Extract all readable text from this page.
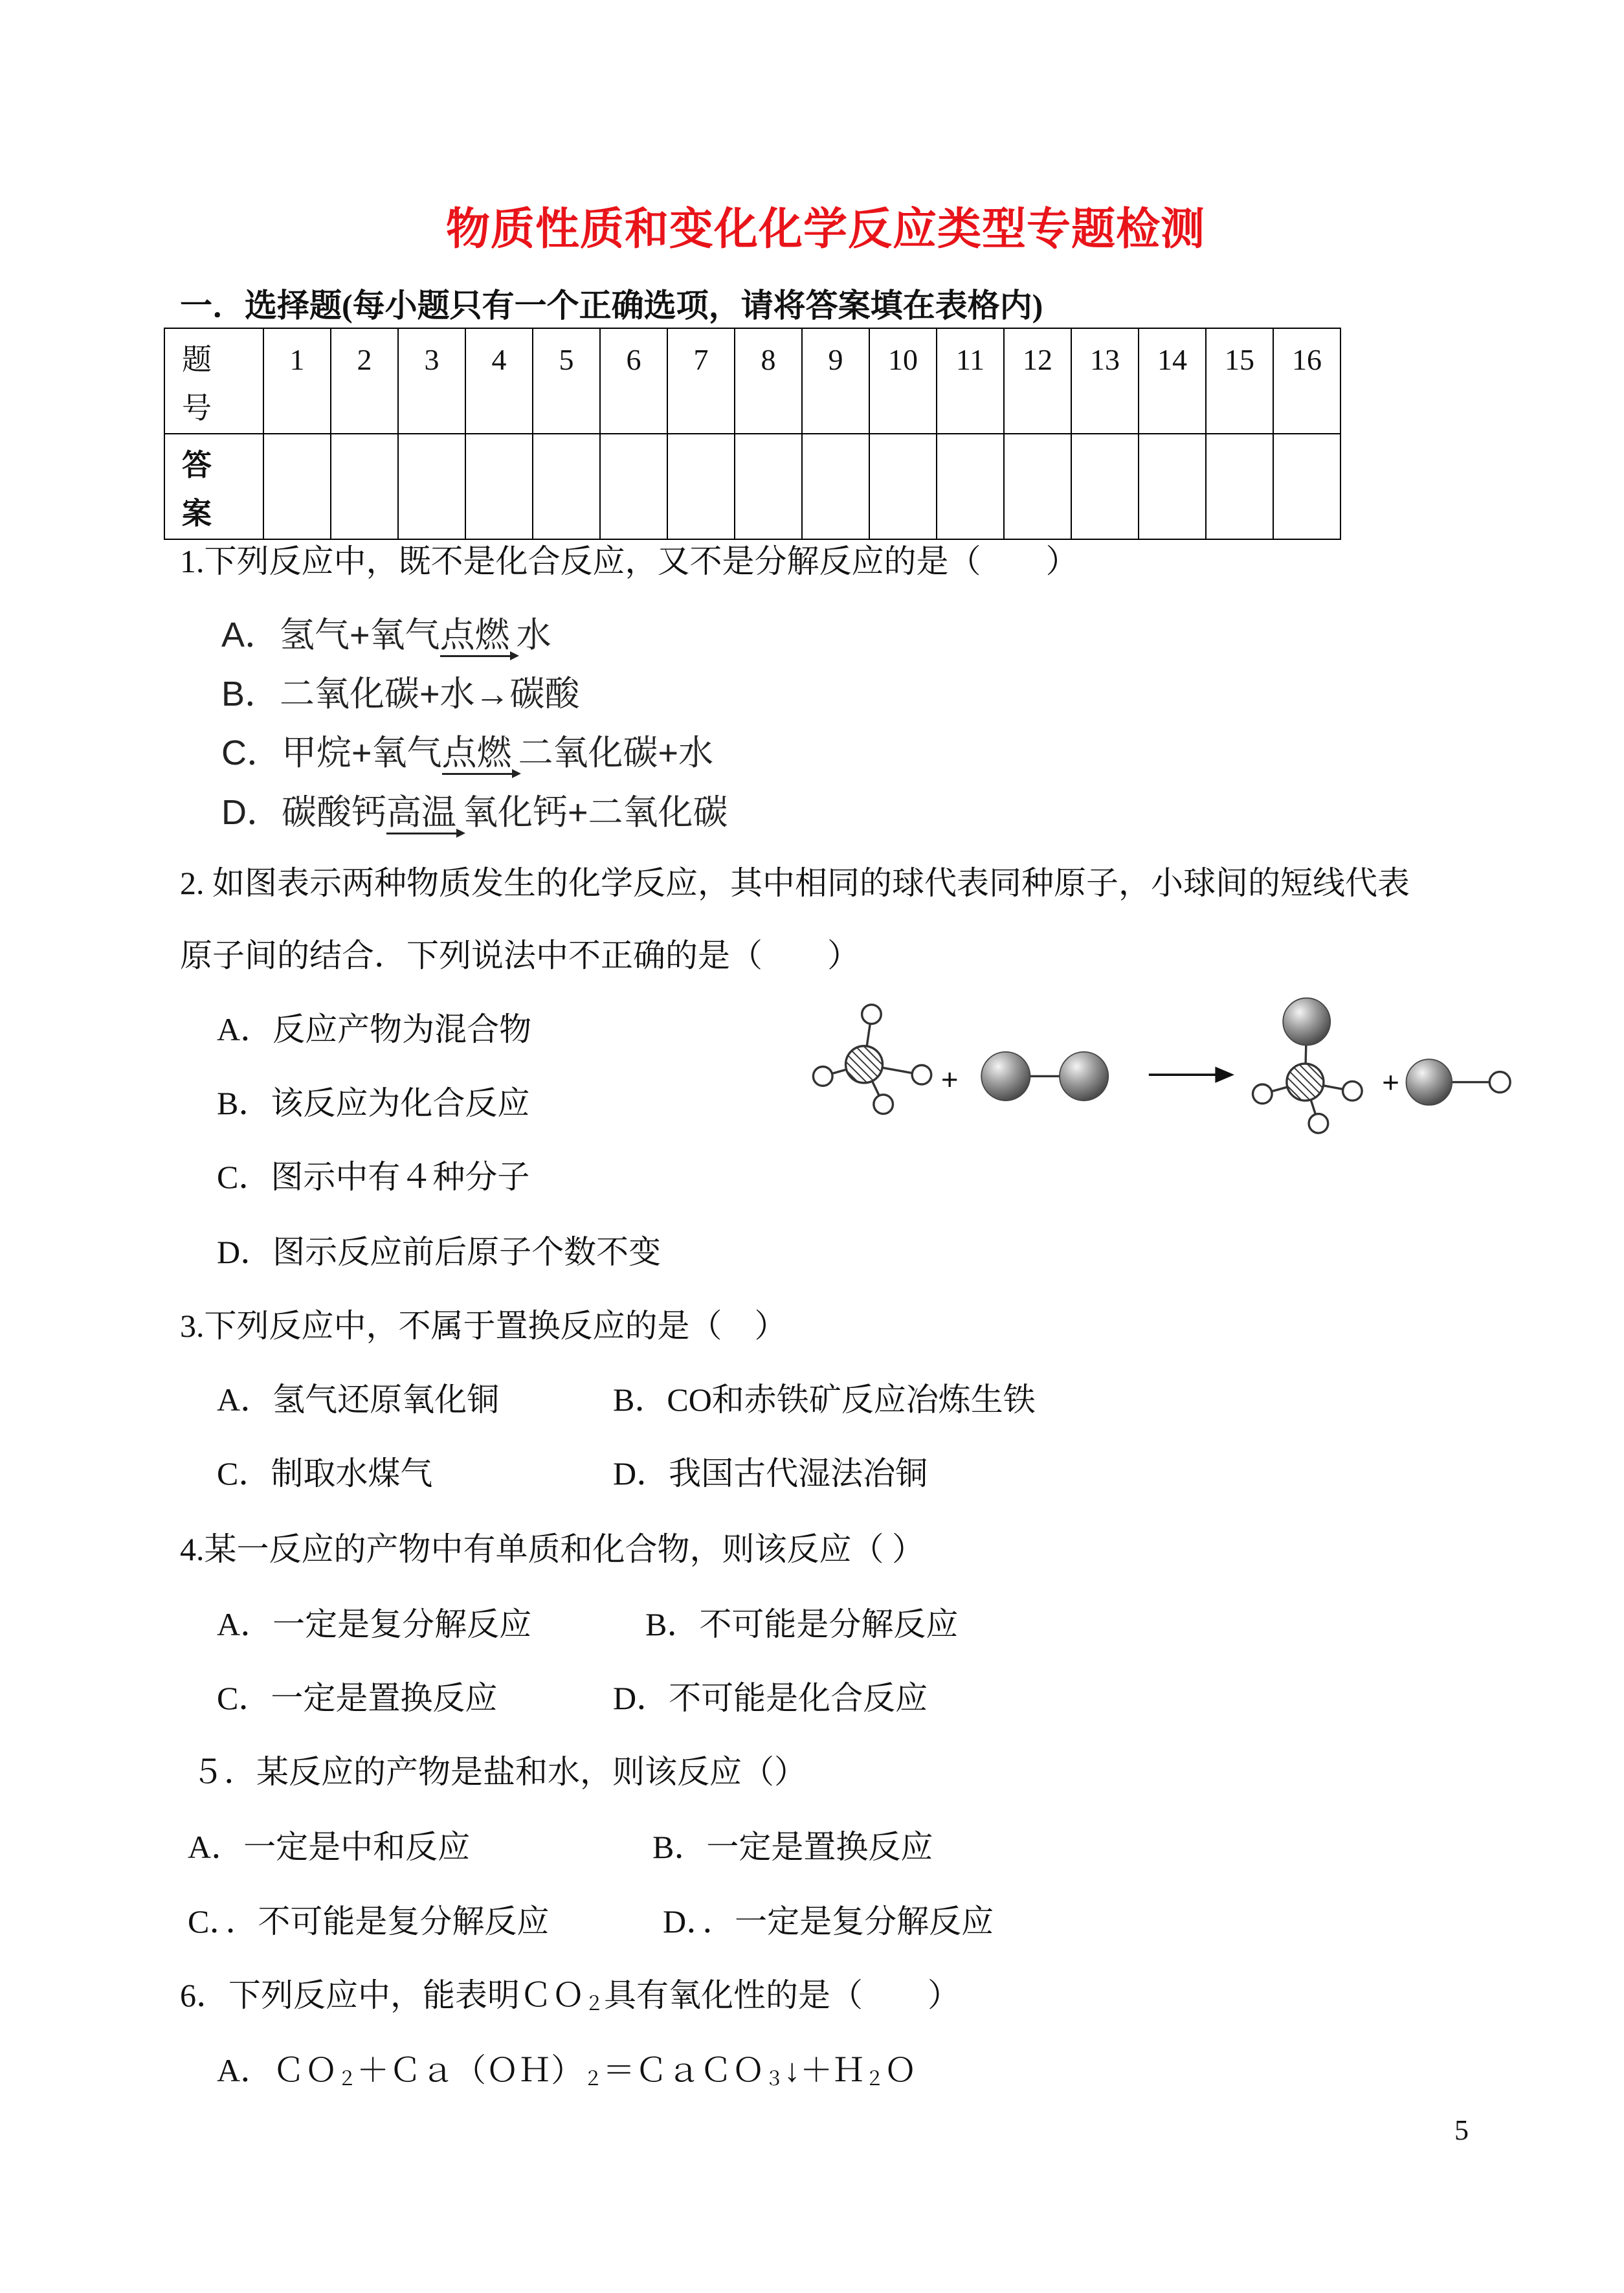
物质性质和变化化学反应类型专题检测
一．选择题(每小题只有一个正确选项，请将答案填在表格内)
题号	1	2	3	4	5	6	7	8	9	10	11	12	13	14	15	16

答案																

1.下列反应中，既不是化合反应，又不是分解反应的是（　　）
A．氢气+氧气点燃 水
B．二氧化碳+水→碳酸
C．甲烷+氧气点燃 二氧化碳+水
D．碳酸钙高温 氧化钙+二氧化碳
2. 如图表示两种物质发生的化学反应，其中相同的球代表同种原子，小球间的短线代表
原子间的结合．下列说法中不正确的是（　　）
A．反应产物为混合物
B．该反应为化合反应
C．图示中有４种分子
D．图示反应前后原子个数不变
+	+
3.下列反应中，不属于置换反应的是（　）
A．氢气还原氧化铜	B．CO和赤铁矿反应冶炼生铁
C．制取水煤气	D．我国古代湿法冶铜
4.某一反应的产物中有单质和化合物，则该反应（ ）
A．一定是复分解反应	B．不可能是分解反应
C．一定是置换反应	D．不可能是化合反应
５．某反应的产物是盐和水，则该反应（）
A．一定是中和反应	B．一定是置换反应
C．．不可能是复分解反应	D．．一定是复分解反应
6．下列反应中，能表明ＣＯ$_2$具有氧化性的是（　　）
A．$CO_2+Ca(OH)_2=CaCO_3↓+H_2O$
5
